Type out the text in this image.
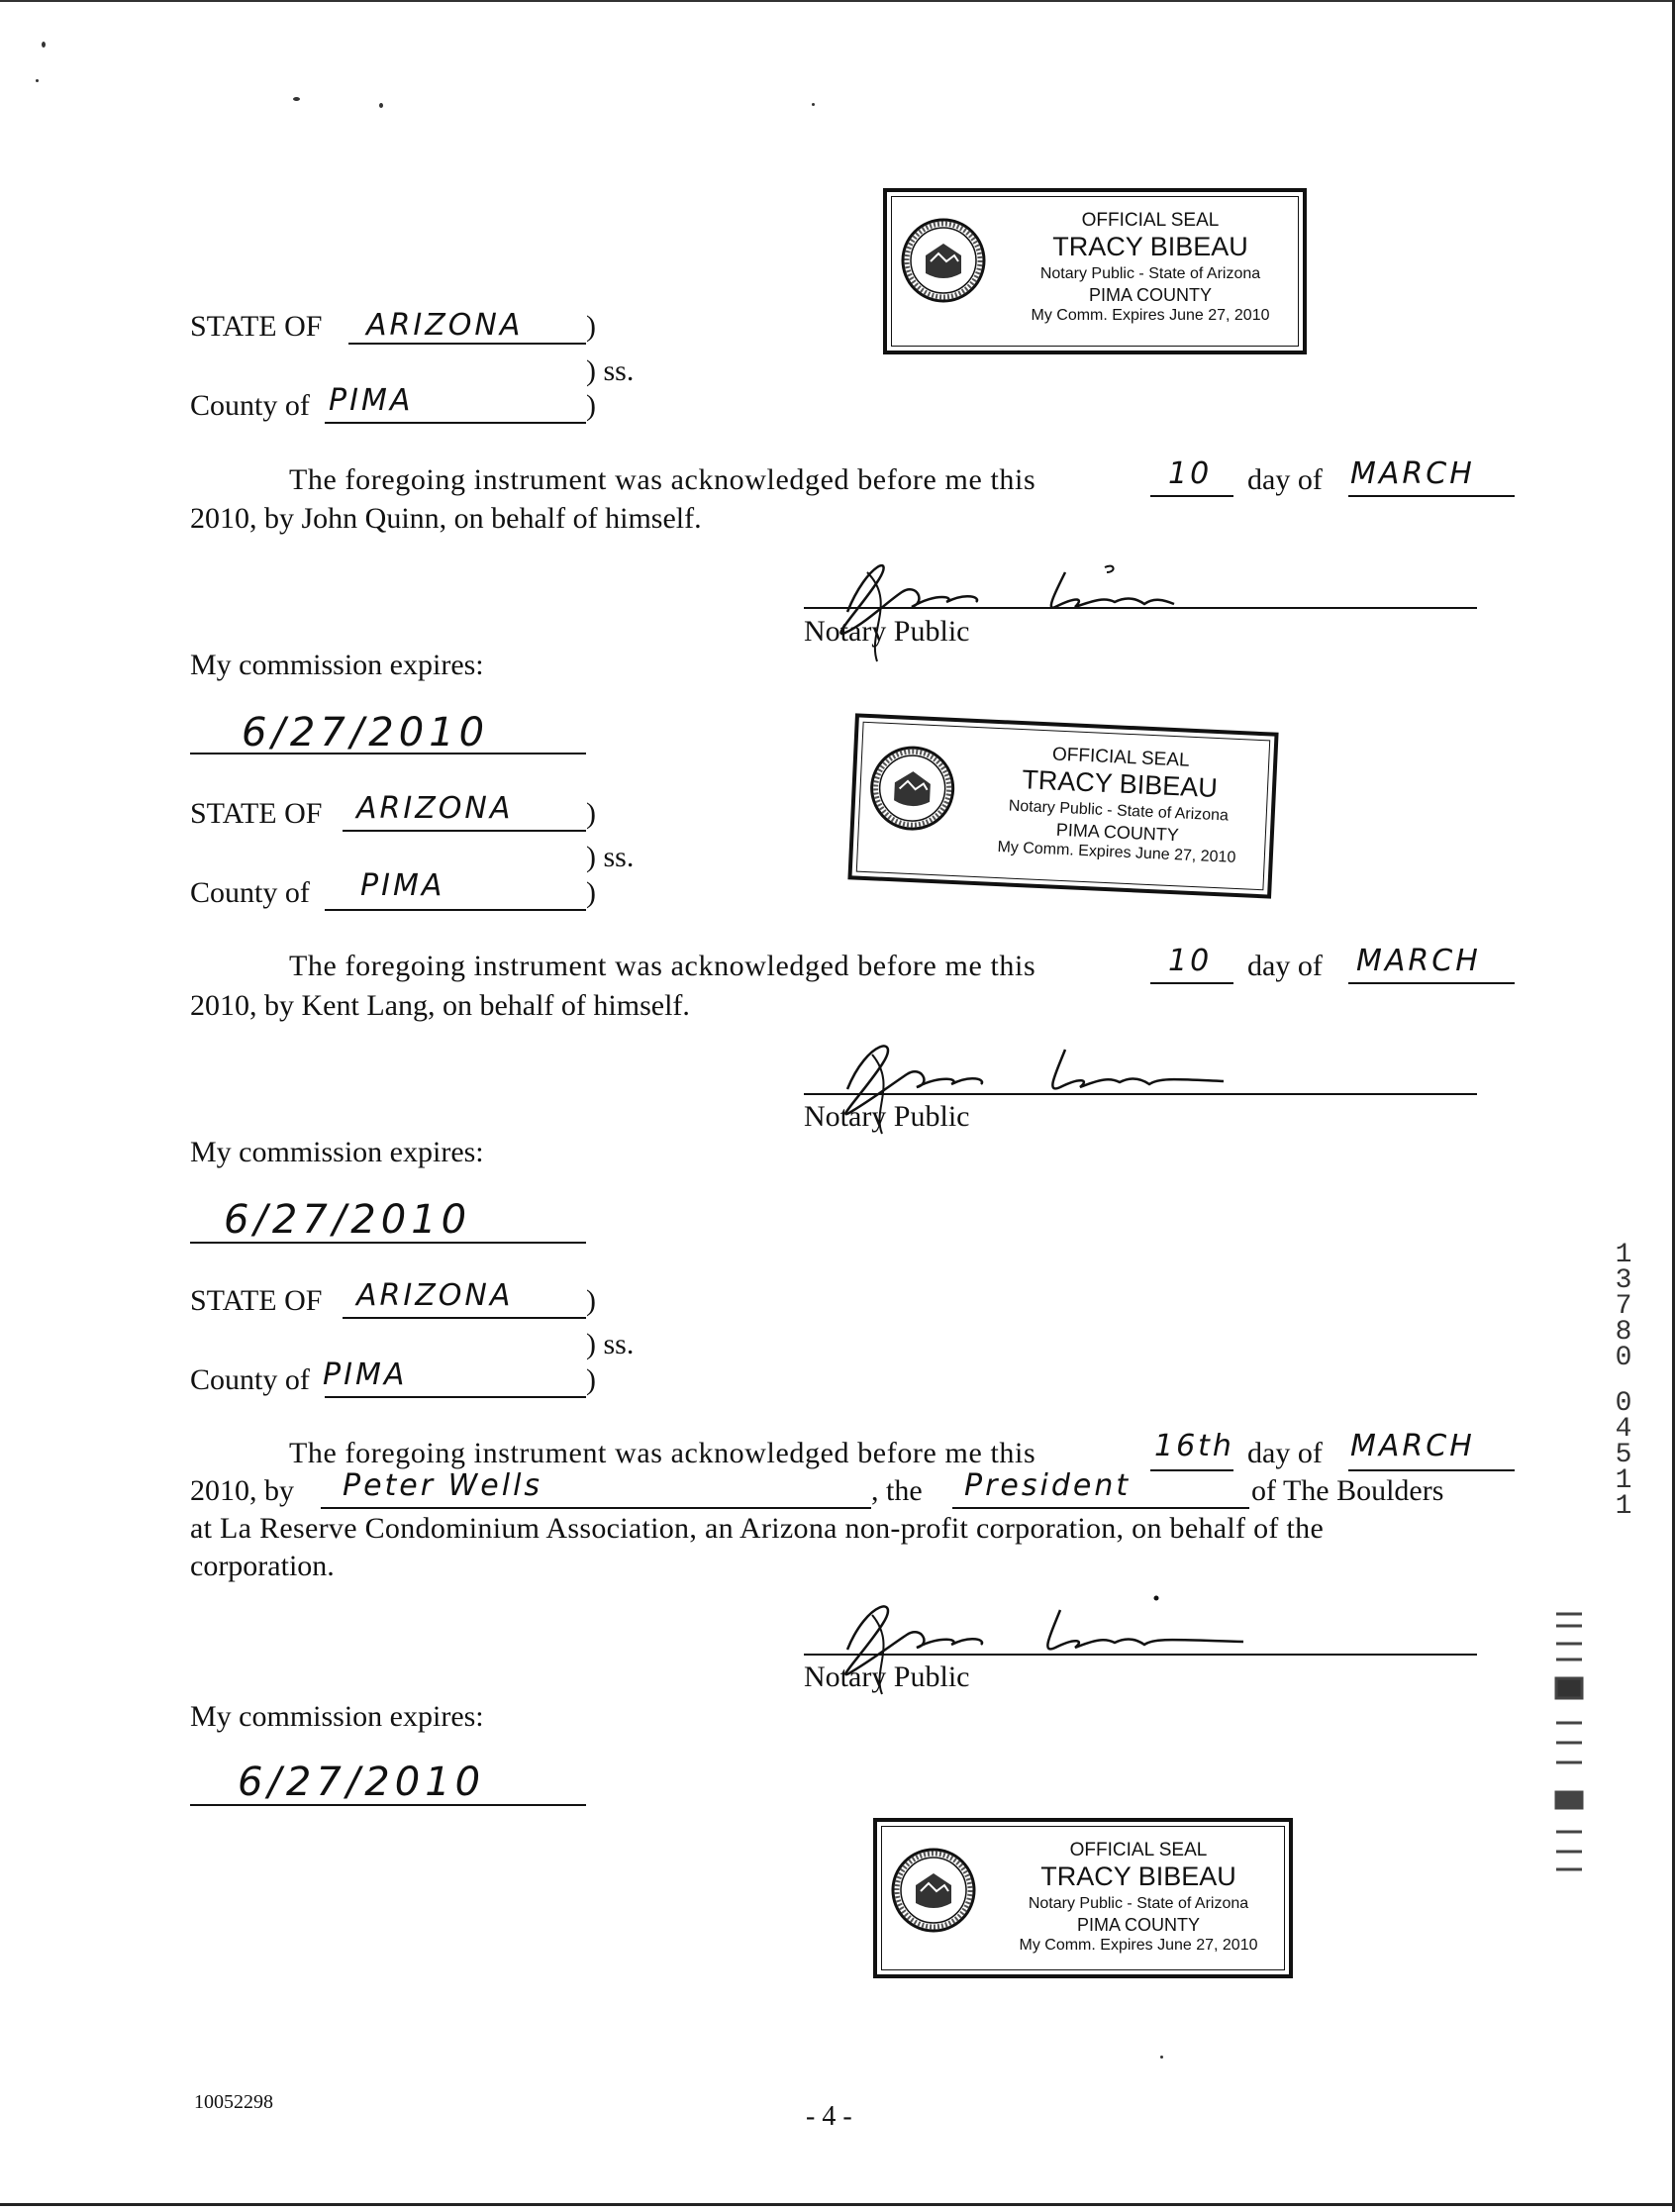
OFFICIAL SEAL
TRACY BIBEAU
Notary Public - State of Arizona
PIMA COUNTY
My Comm. Expires June 27, 2010
STATE OF ARIZONA )
) ss.
County of PIMA	)
The foregoing instrument was acknowledged before me this	10 day of MARCH
2010, by John Quinn, on behalf of himself.
Notary Public
My commission expires:
6/27/2010
OFFICIAL SEAL
TRACY BIBEAU
Notary Public - State of Arizona
PIMA COUNTY
My Comm. Expires June 27, 2010
STATE OF ARIZONA )
) ss.
County of PIMA	)
The foregoing instrument was acknowledged before me this	10 day of MARCH
2010, by Kent Lang, on behalf of himself.
Notary Public
My commission expires:
6/27/2010
STATE OF ARIZONA )
) ss.
County of PIMA	)
The foregoing instrument was acknowledged before me this	16th day of MARCH
2010, by Peter Wells	, the President	of The Boulders
at La Reserve Condominium Association, an Arizona non-profit corporation, on behalf of the
corporation.
Notary Public
My commission expires:
6/27/2010
OFFICIAL SEAL
TRACY BIBEAU
Notary Public - State of Arizona
PIMA COUNTY
My Comm. Expires June 27, 2010
1
3
7
8
0
0
4
5
1
1
10052298	- 4 -
